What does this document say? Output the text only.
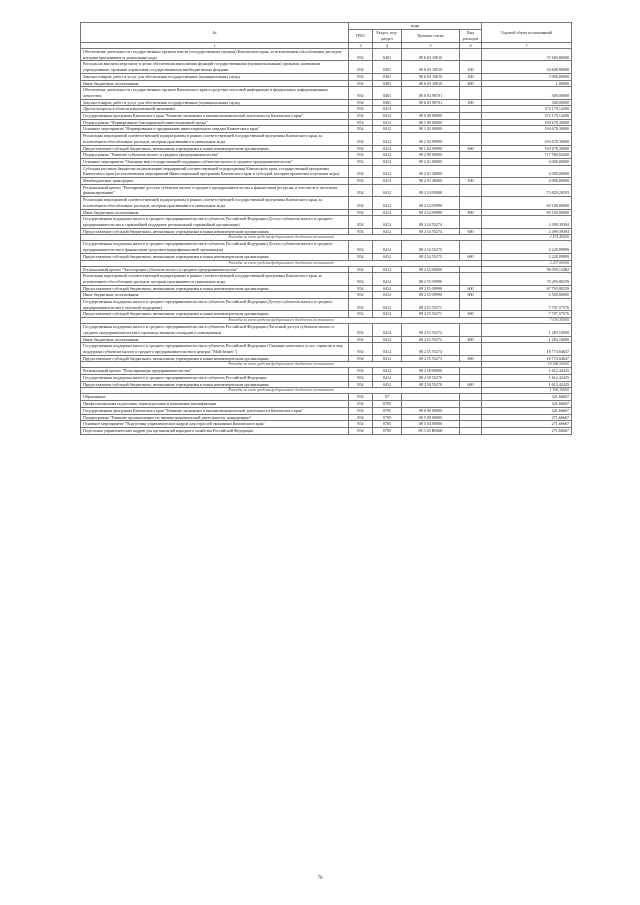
№	коды				Годовой объем ассигнований
	ГРБС	Раздел, под-раздел	Целевая статья	Вид расходов	
1	3	4	5	6	7
Обеспечение деятельности государственных органов власти (государственных органов) Камчатского края, за исключением обособленных расходов, которым присваиваются уникальные коды	854	0401	08 6 03 10010		37 669,86000
Расходы на выплаты персоналу в целях обеспечения выполнения функций государственными (муниципальными) органами, казенными учреждениями, органами управления государственными внебюджетными фондами	854	0401	08 6 03 10010	100	34 668,86000
Закупка товаров, работ и услуг для обеспечения государственных (муниципальных) нужд	854	0401	08 6 03 10010	200	3 000,00000
Иные бюджетные ассигнования	854	0401	08 6 03 10010	800	1,00000
Обеспечение деятельности государственных органов Камчатского края в средствах массовой информации и федеральных информационных агентствах	854	0401	08 6 03 98701		300,00000
Закупка товаров, работ и услуг для обеспечения государственных (муниципальных) нужд	854	0401	08 6 03 98701	200	300,00000
Другие вопросы в области национальной экономики	854	0412			372 179,14200
Государственная программа Камчатского края "Развитие экономики и внешнеэкономической деятельности Камчатского края"	854	0412	08 0 00 00000		372 179,14200
Подпрограмма "Формирование благоприятной инвестиционной среды"	854	0412	08 1 00 00000		194 678,30000
Основное мероприятие "Формирование и продвижение инвестиционного имиджа Камчатского края"	854	0412	08 1 02 00000		194 678,30000
Реализация мероприятий соответствующей подпрограммы в рамках соответствующей государственной программы Камчатского края, за исключением обособленных расходов, которым присваиваются уникальные коды	854	0412	08 1 02 09990		194 678,30000
Предоставление субсидий бюджетным, автономным учреждениям и иным некоммерческим организациям	854	0412	08 1 02 09990	600	194 678,30000
Подпрограмма "Развитие субъектов малого и среднего предпринимательства"	854	0412	08 2 00 00000		177 500,84200
Основное мероприятие "Оказание мер государственной поддержки субъектам малого и среднего предпринимательства"	854	0412	08 2 01 00000		4 000,00000
Субсидия местным бюджетам на реализацию мероприятий соответствующей подпрограммы Камчатского края, государственной программы Камчатского края (за исключением мероприятий Инвестиционной программы Камчатского края и субсидий, которым присвоены отдельные коды)	854	0412	08 2 01 40060		4 000,00000
Межбюджетные трансферты	854	0412	08 2 01 40060	500	4 000,00000
Региональный проект "Расширение доступа субъектов малого и среднего предпринимательства к финансовым ресурсам, в том числе к льготному финансированию"	854	0412	08 2 I4 00000		73 829,29293
Реализация мероприятий соответствующей подпрограммы в рамках соответствующей государственной программы Камчатского края, за исключением обособленных расходов, которым присваиваются уникальные коды	854	0412	08 2 I4 09990		69 100,00000
Иные бюджетные ассигнования	854	0412	08 2 I4 09990	800	69 100,00000
Государственная поддержка малого и среднего предпринимательства в субъектах Российской Федерации (Доступ субъектов малого и среднего предпринимательства к гарантийной поддержке региональной гарантийной организации)	854	0412	08 2 I4 55274		2 499,39394
Предоставление субсидий бюджетным, автономным учреждениям и иным некоммерческим организациям	854	0412	08 2 I4 55274	600	2 499,39394
Расходы за счет средств федерального бюджета составляют					2 474,40000
Государственная поддержка малого и среднего предпринимательства в субъектах Российской Федерации (Доступ субъектов малого и среднего предпринимательства к финансовым средствам микрофинансовой организации)	854	0412	08 2 I4 55275		2 229,89899
Предоставление субсидий бюджетным, автономным учреждениям и иным некоммерческим организациям	854	0412	08 2 I4 55275	600	2 229,89899
Расходы за счет средств федерального бюджета составляют					2 207,60000
Региональный проект "Акселерация субъектов малого и среднего предпринимательства"	854	0412	08 2 I5 00000		98 059,13482
Реализация мероприятий соответствующей подпрограммы в рамках соответствующей государственной программы Камчатского края, за исключением обособленных расходов, которым присваиваются уникальные коды	854	0412	08 2 I5 09990		70 293,80259
Предоставление субсидий бюджетным, автономным учреждениям и иным некоммерческим организациям	854	0412	08 2 I5 09990	600	67 793,80259
Иные бюджетные ассигнования	854	0412	08 2 I5 09990	800	2 500,00000
Государственная поддержка малого и среднего предпринимательства в субъектах Российской Федерации (Доступ субъектов малого и среднего предпринимательства к льготной поддержке)	854	0412	08 2 I5 55271		7 707,57576
Предоставление субсидий бюджетным, автономным учреждениям и иным некоммерческим организациям	854	0412	08 2 I5 55271	600	7 707,57576
Расходы за счет средств федерального бюджета составляют					7 630,50000
Государственная поддержка малого и среднего предпринимательства в субъектах Российской Федерации (Льготный доступ субъектов малого и среднего предпринимательства к производственным площадям и помещениям)	854	0412	08 2 I5 55272		1 283,10000
Иные бюджетные ассигнования	854	0412	08 2 I5 55272	800	1 283,10000
Государственная поддержка малого и среднего предпринимательства в субъектах Российской Федерации (Оказание комплекса услуг, сервисов и мер поддержки субъектам малого и среднего предпринимательства в центрах "Мой бизнес")	854	0412	08 2 I5 55273		18 774,64647
Предоставление субсидий бюджетным, автономным учреждениям и иным некоммерческим организациям	854	0412	08 2 I5 55273	600	18 774,64647
Расходы за счет средств федерального бюджета составляют					18 586,90000
Региональный проект "Популяризация предпринимательства"	854	0412	08 2 I8 00000		1 612,42425
Государственная поддержка малого и среднего предпринимательства в субъектах Российской Федерации	854	0412	08 2 I8 55270		1 612,42425
Предоставление субсидий бюджетным, автономным учреждениям и иным некоммерческим организациям	854	0412	08 2 I8 55270	600	1 612,42425
Расходы за счет средств федерального бюджета составляют					1 596,30000
Образование	854	07			421,66667
Профессиональная подготовка, переподготовка и повышение квалификации	854	0705			421,66667
Государственная программа Камчатского края "Развитие экономики и внешнеэкономической деятельности Камчатского края"	854	0705	08 0 00 00000		421,66667
Подпрограмма "Развитие промышленности, внешнеэкономической деятельности, конкуренции"	854	0705	08 5 00 00000		271,66667
Основное мероприятие "Подготовка управленческих кадров для отраслей экономики Камчатского края"	854	0705	08 5 03 00000		271,66667
Подготовка управленческих кадров для организаций народного хозяйства Российской Федерации	854	0705	08 5 03 R0660		271,66667
76
